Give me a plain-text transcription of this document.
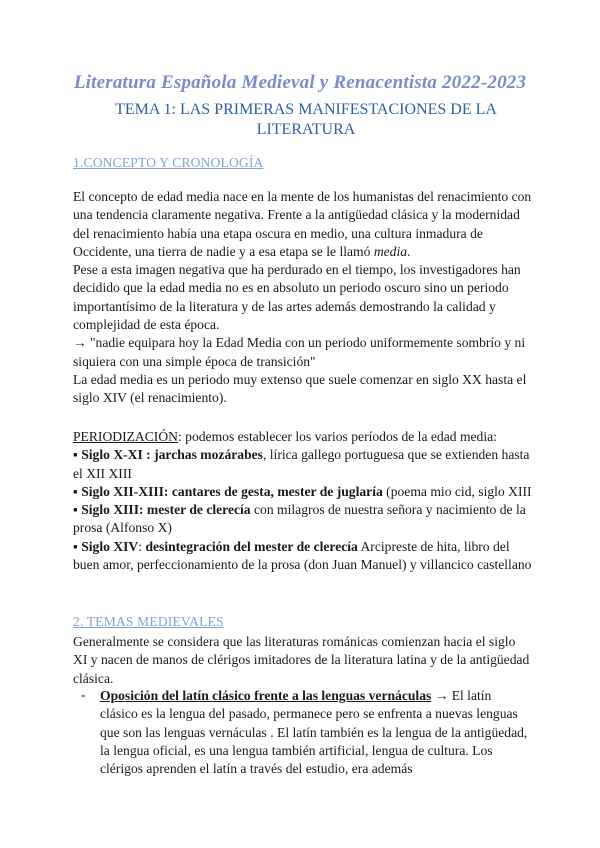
Literatura Española Medieval y Renacentista 2022-2023
TEMA 1: LAS PRIMERAS MANIFESTACIONES DE LA LITERATURA
1.CONCEPTO Y CRONOLOGÍA

El concepto de edad media nace en la mente de los humanistas del renacimiento con una tendencia claramente negativa. Frente a la antigüedad clásica y la modernidad del renacimiento había una etapa oscura en medio, una cultura inmadura de Occidente, una tierra de nadie y a esa etapa se le llamó media.

Pese a esta imagen negativa que ha perdurado en el tiempo, los investigadores han decidido que la edad media no es en absoluto un periodo oscuro sino un periodo importantísimo de la literatura y de las artes además demostrando la calidad y complejidad de esta época.

→ "nadie equipara hoy la Edad Media con un periodo uniformemente sombrío y ni siquiera con una simple época de transición"

La edad media es un periodo muy extenso que suele comenzar en siglo XX hasta el siglo XIV (el renacimiento).

PERIODIZACIÓN: podemos establecer los varios períodos de la edad media:

▪ Siglo X-XI : jarchas mozárabes, lírica gallego portuguesa que se extienden hasta el XII XIII

▪ Siglo XII-XIII: cantares de gesta, mester de juglaría (poema mio cid, siglo XIII

▪ Siglo XIII: mester de clerecía con milagros de nuestra señora y nacimiento de la prosa (Alfonso X)

▪ Siglo XIV: desintegración del mester de clerecía Arcipreste de hita, libro del buen amor, perfeccionamiento de la prosa (don Juan Manuel) y villancico castellano

2. TEMAS MEDIEVALES
Generalmente se considera que las literaturas románicas comienzan hacia el siglo XI y nacen de manos de clérigos imitadores de la literatura latina y de la antigüedad clásica.
- Oposición del latín clásico frente a las lenguas vernáculas → El latín clásico es la lengua del pasado, permanece pero se enfrenta a nuevas lenguas que son las lenguas vernáculas . El latín también es la lengua de la antigüedad, la lengua oficial, es una lengua también artificial, lengua de cultura. Los clérigos aprenden el latín a través del estudio, era además
